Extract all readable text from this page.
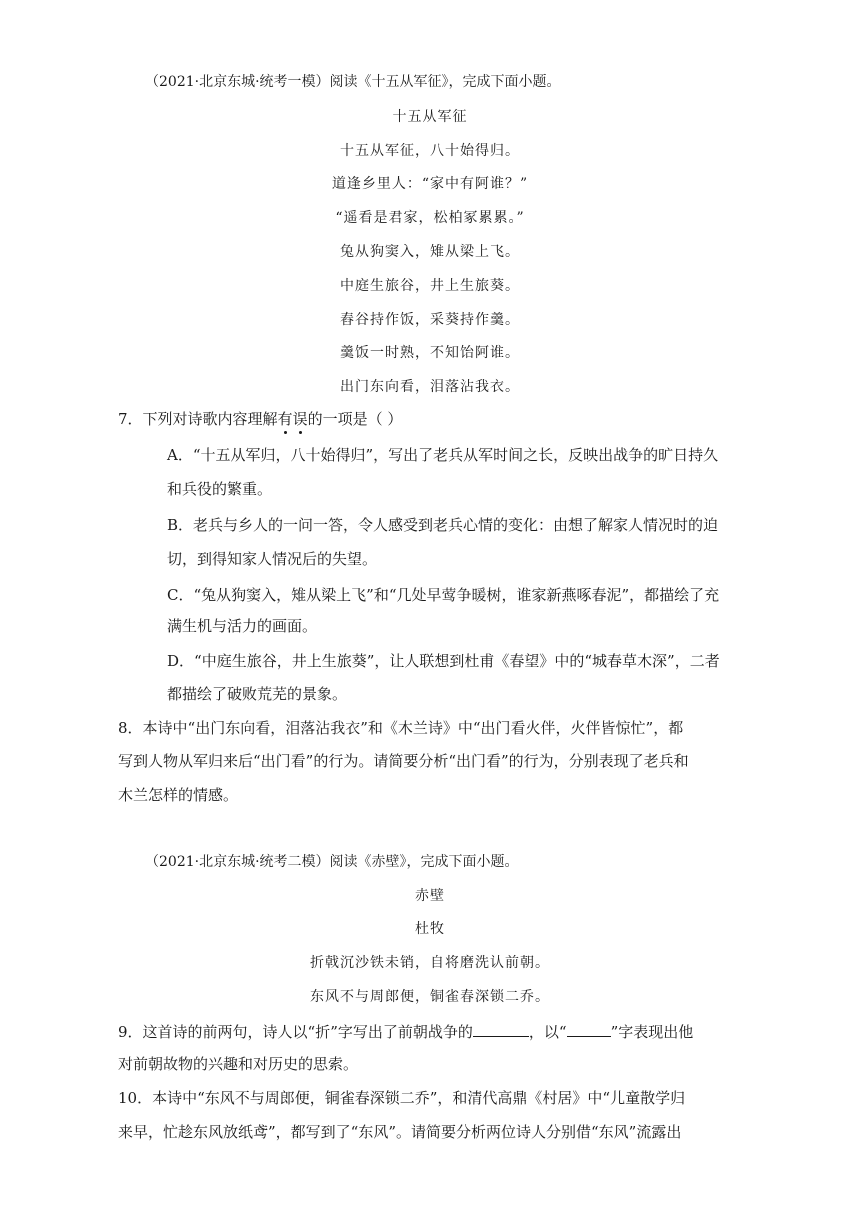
（2021·北京东城·统考一模）阅读《十五从军征》，完成下面小题。
十五从军征
十五从军征，八十始得归。
道逢乡里人：“家中有阿谁？”
“遥看是君家，松柏冢累累。”
兔从狗窦入，雉从梁上飞。
中庭生旅谷，井上生旅葵。
舂谷持作饭，采葵持作羹。
羹饭一时熟，不知饴阿谁。
出门东向看，泪落沾我衣。
7．下列对诗歌内容理解有误的一项是（ ）
A．“十五从军归，八十始得归”，写出了老兵从军时间之长，反映出战争的旷日持久
和兵役的繁重。
B．老兵与乡人的一问一答，令人感受到老兵心情的变化：由想了解家人情况时的迫
切，到得知家人情况后的失望。
C．“兔从狗窦入，雉从梁上飞”和“几处早莺争暖树，谁家新燕啄春泥”，都描绘了充
满生机与活力的画面。
D．“中庭生旅谷，井上生旅葵”，让人联想到杜甫《春望》中的“城春草木深”，二者
都描绘了破败荒芜的景象。
8．本诗中“出门东向看，泪落沾我衣”和《木兰诗》中“出门看火伴，火伴皆惊忙”，都
写到人物从军归来后“出门看”的行为。请简要分析“出门看”的行为，分别表现了老兵和
木兰怎样的情感。
（2021·北京东城·统考二模）阅读《赤壁》，完成下面小题。
赤壁
杜牧
折戟沉沙铁未销，自将磨洗认前朝。
东风不与周郎便，铜雀春深锁二乔。
9．这首诗的前两句，诗人以“折”字写出了前朝战争的	，以“	”字表现出他
对前朝故物的兴趣和对历史的思索。
10．本诗中“东风不与周郎便，铜雀春深锁二乔”，和清代高鼎《村居》中“儿童散学归
来早，忙趁东风放纸鸢”，都写到了“东风”。请简要分析两位诗人分别借“东风”流露出
